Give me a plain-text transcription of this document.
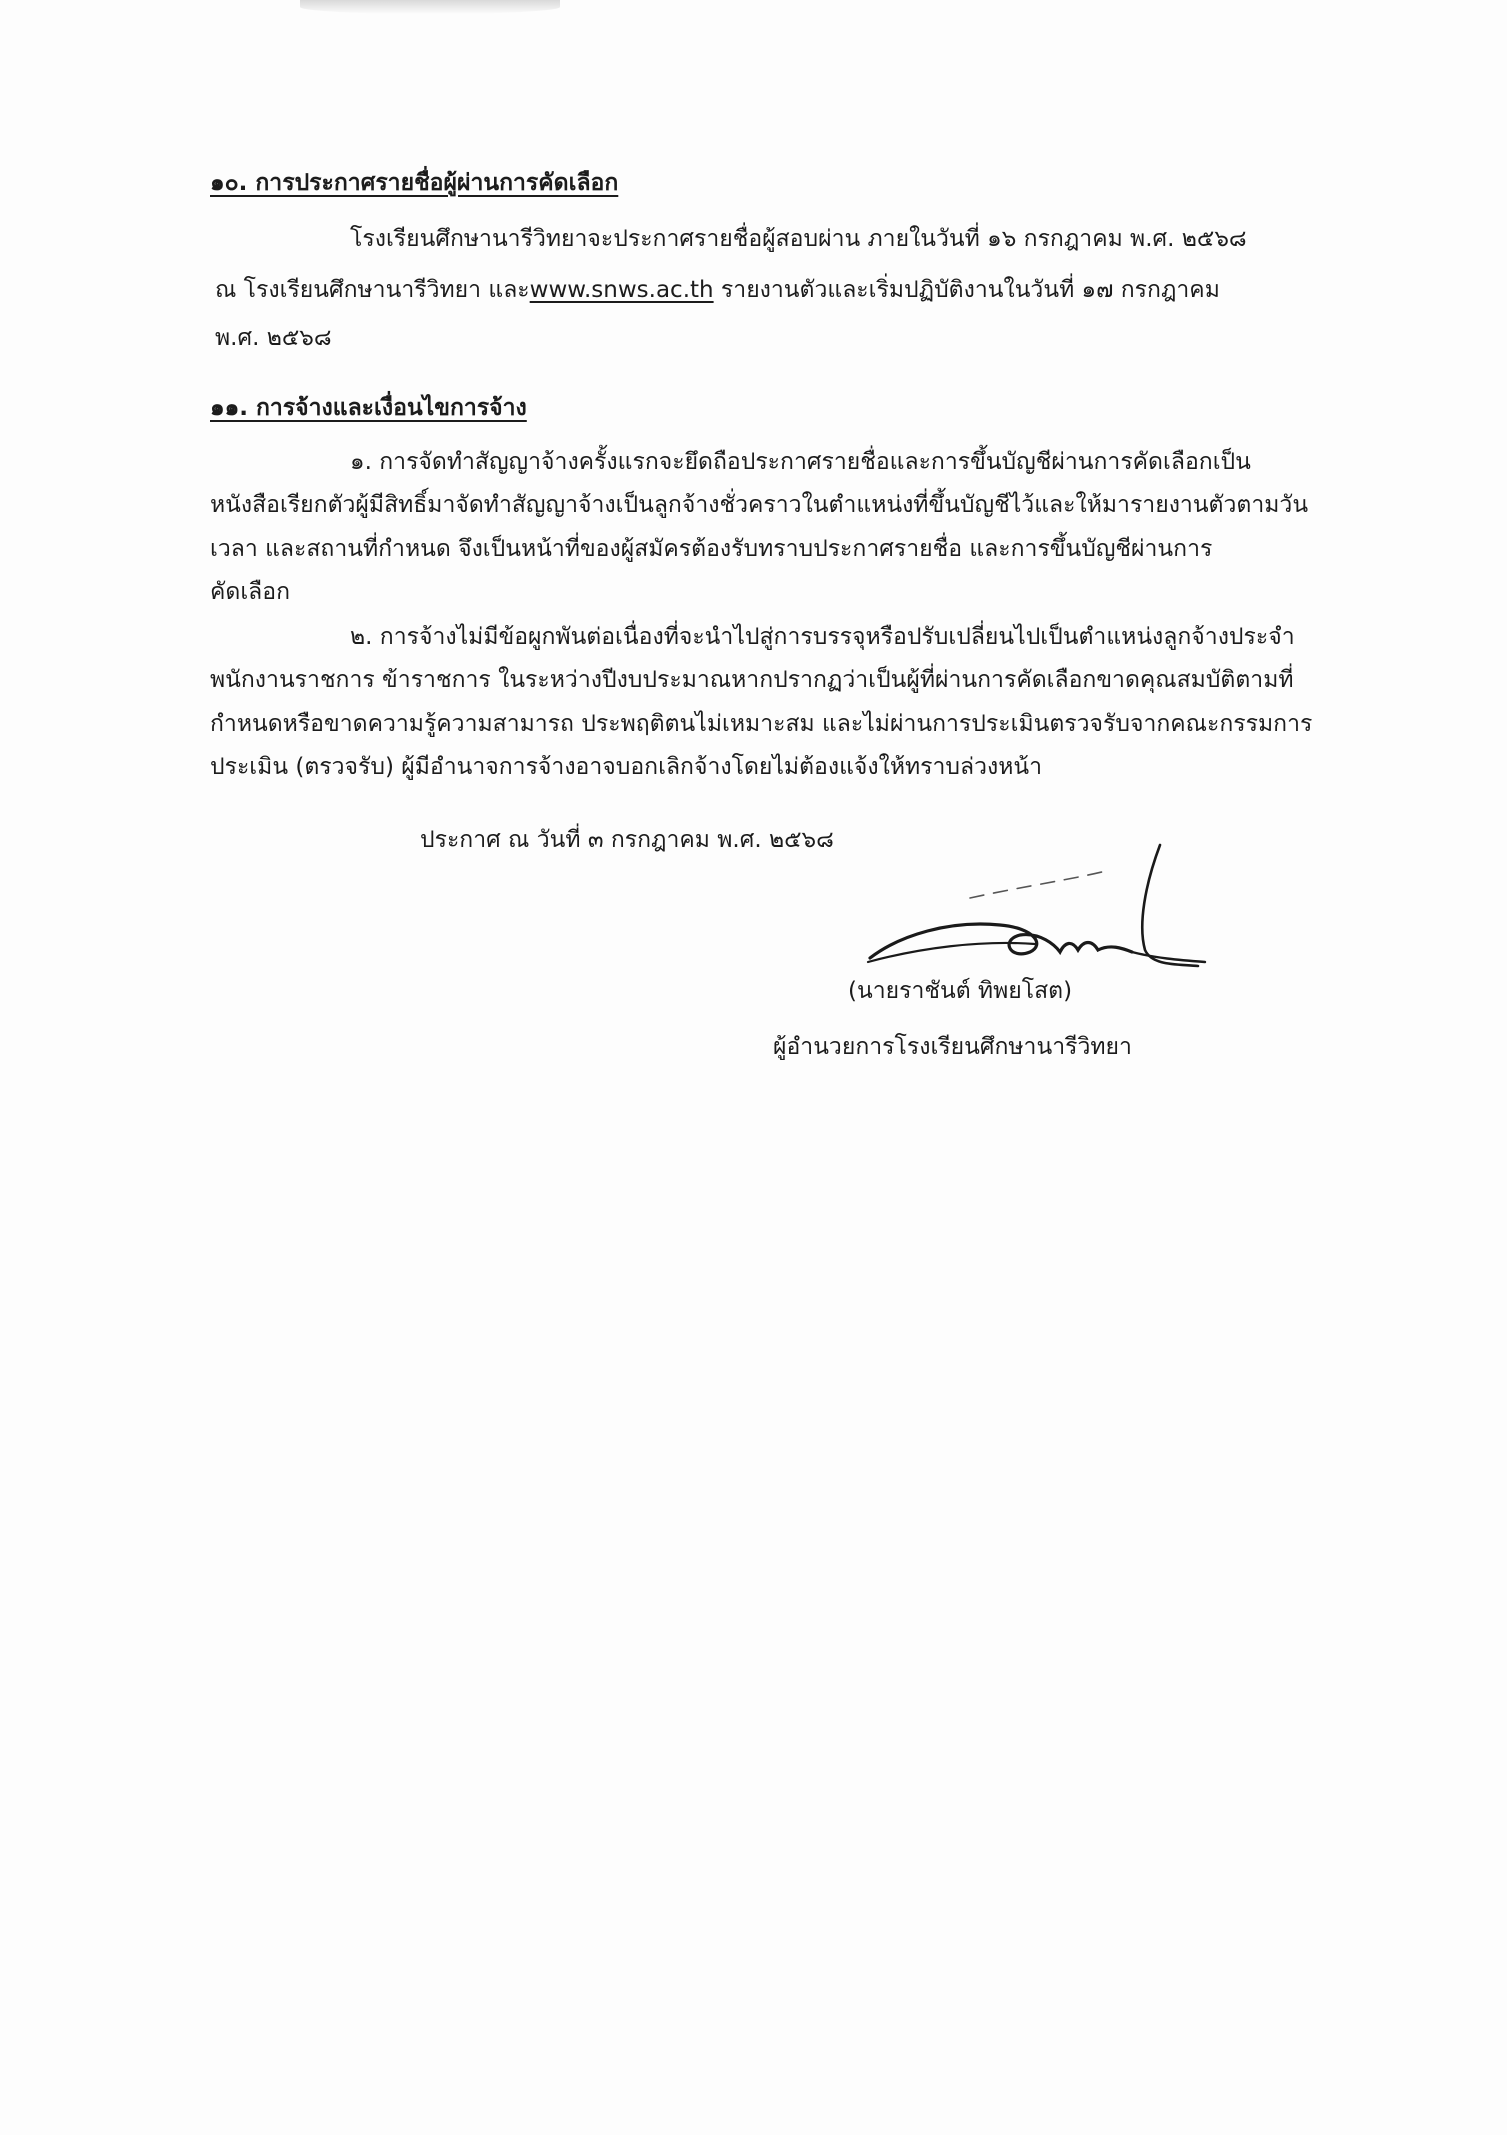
๑๐. การประกาศรายชื่อผู้ผ่านการคัดเลือก
โรงเรียนศึกษานารีวิทยาจะประกาศรายชื่อผู้สอบผ่าน ภายในวันที่ ๑๖ กรกฎาคม พ.ศ. ๒๕๖๘
ณ โรงเรียนศึกษานารีวิทยา และwww.snws.ac.th รายงานตัวและเริ่มปฏิบัติงานในวันที่ ๑๗ กรกฎาคม
พ.ศ. ๒๕๖๘
๑๑. การจ้างและเงื่อนไขการจ้าง
๑. การจัดทำสัญญาจ้างครั้งแรกจะยึดถือประกาศรายชื่อและการขึ้นบัญชีผ่านการคัดเลือกเป็น
หนังสือเรียกตัวผู้มีสิทธิ์มาจัดทำสัญญาจ้างเป็นลูกจ้างชั่วคราวในตำแหน่งที่ขึ้นบัญชีไว้และให้มารายงานตัวตามวัน
เวลา และสถานที่กำหนด จึงเป็นหน้าที่ของผู้สมัครต้องรับทราบประกาศรายชื่อ และการขึ้นบัญชีผ่านการ
คัดเลือก
๒. การจ้างไม่มีข้อผูกพันต่อเนื่องที่จะนำไปสู่การบรรจุหรือปรับเปลี่ยนไปเป็นตำแหน่งลูกจ้างประจำ
พนักงานราชการ ข้าราชการ ในระหว่างปีงบประมาณหากปรากฏว่าเป็นผู้ที่ผ่านการคัดเลือกขาดคุณสมบัติตามที่
กำหนดหรือขาดความรู้ความสามารถ ประพฤติตนไม่เหมาะสม และไม่ผ่านการประเมินตรวจรับจากคณะกรรมการ
ประเมิน (ตรวจรับ) ผู้มีอำนาจการจ้างอาจบอกเลิกจ้างโดยไม่ต้องแจ้งให้ทราบล่วงหน้า
ประกาศ ณ วันที่ ๓ กรกฎาคม พ.ศ. ๒๕๖๘
(นายราชันต์ ทิพยโสต)
ผู้อำนวยการโรงเรียนศึกษานารีวิทยา
